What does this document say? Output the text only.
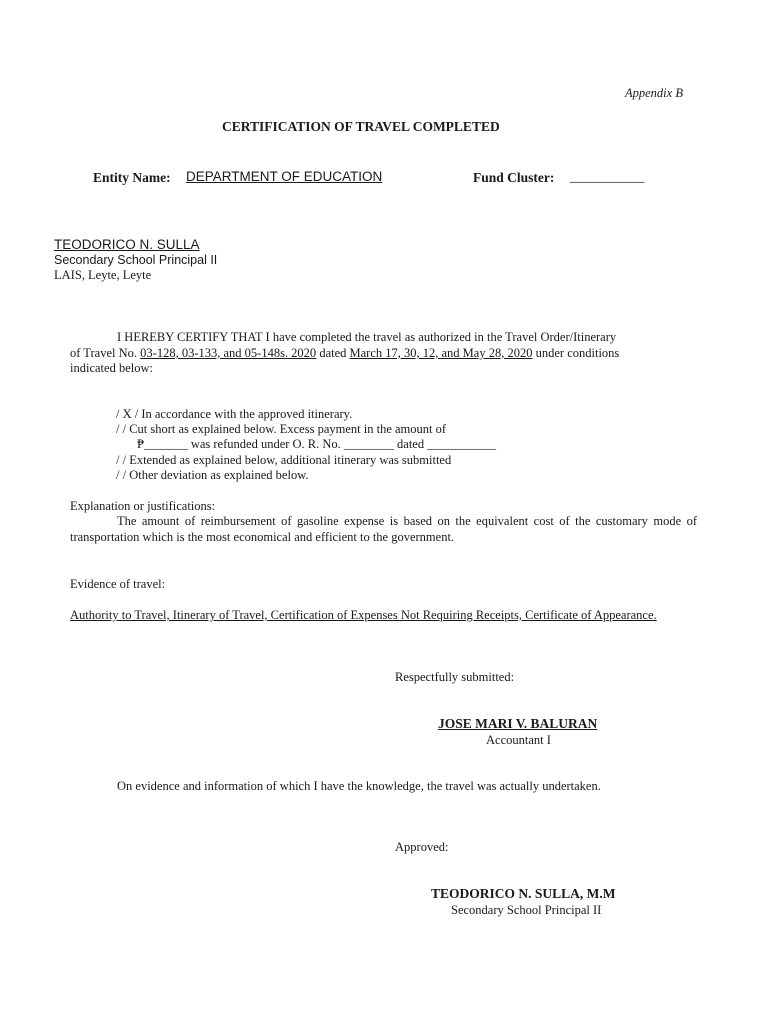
Appendix B
CERTIFICATION OF TRAVEL COMPLETED
Entity Name: DEPARTMENT OF EDUCATION	Fund Cluster: ___________
TEODORICO N. SULLA
Secondary School Principal II
LAIS, Leyte, Leyte
I HEREBY CERTIFY THAT I have completed the travel as authorized in the Travel Order/Itinerary
of Travel No. 03-128, 03-133, and 05-148s. 2020 dated March 17, 30, 12, and May 28, 2020 under conditions
indicated below:
/ X / In accordance with the approved itinerary.
/ / Cut short as explained below. Excess payment in the amount of
₱_______ was refunded under O. R. No. ________ dated ___________
/ / Extended as explained below, additional itinerary was submitted
/ / Other deviation as explained below.
Explanation or justifications:
The amount of reimbursement of gasoline expense is based on the equivalent cost of the customary mode of transportation which is the most economical and efficient to the government.
Evidence of travel:
Authority to Travel, Itinerary of Travel, Certification of Expenses Not Requiring Receipts, Certificate of Appearance.
Respectfully submitted:
JOSE MARI V. BALURAN
Accountant I
On evidence and information of which I have the knowledge, the travel was actually undertaken.
Approved:
TEODORICO N. SULLA, M.M
Secondary School Principal II
